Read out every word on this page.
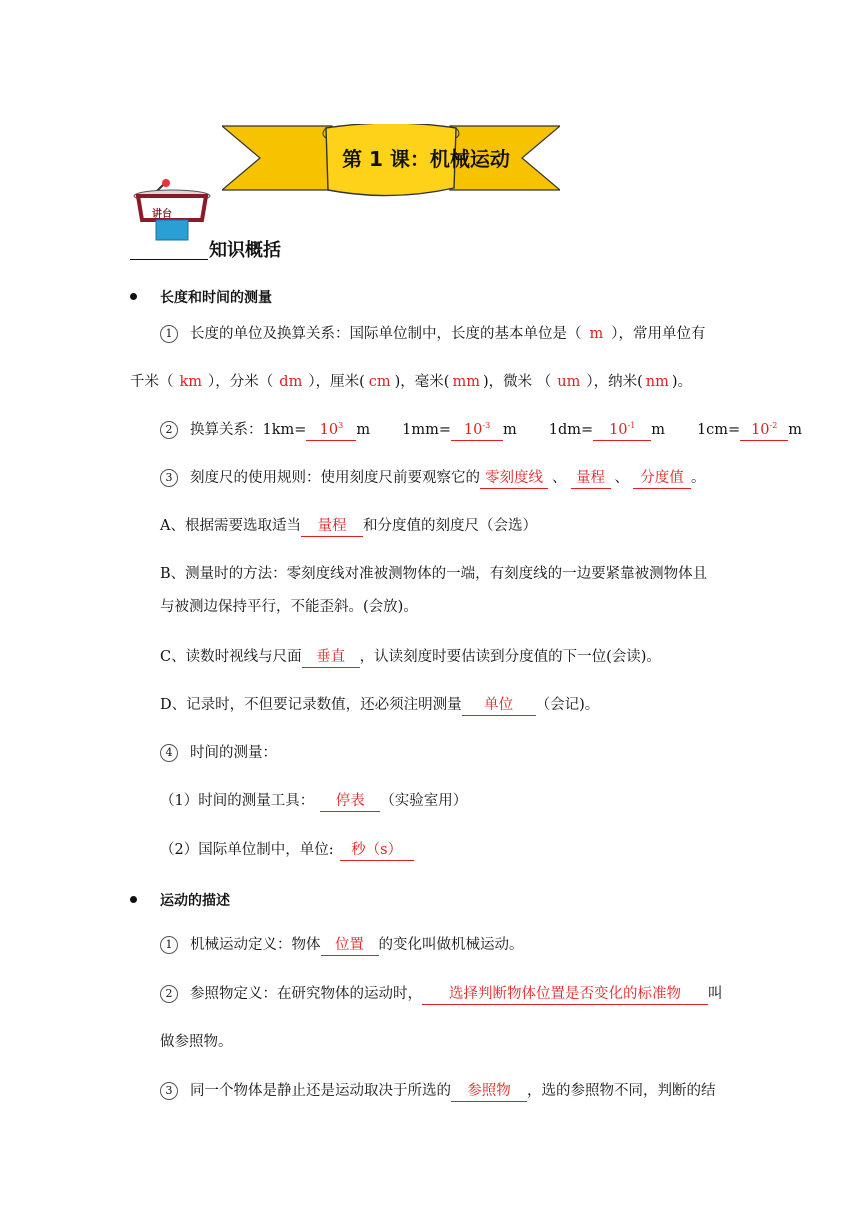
第 1 课：机械运动
讲台
知识概括
长度和时间的测量
1 长度的单位及换算关系：国际单位制中，长度的基本单位是（ m ），常用单位有
千米（ km ），分米（ dm ），厘米( cm )，毫米( mm )，微米 （ um ），纳米( nm )。
2 换算关系：$1km= 10^3$ m $1mm= 10^{-3}$ m $1dm= 10^{-1}$ m $1cm= 10^{-2}$ m
3 刻度尺的使用规则：使用刻度尺前要观察它的 零刻度线 、 量程 、 分度值 。
A、根据需要选取适当 量程 和分度值的刻度尺（会选）
B、测量时的方法：零刻度线对准被测物体的一端，有刻度线的一边要紧靠被测物体且
与被测边保持平行，不能歪斜。(会放)。
C、读数时视线与尺面 垂直 ，认读刻度时要估读到分度值的下一位(会读)。
D、记录时，不但要记录数值，还必须注明测量 单位 （会记)。
4 时间的测量：
（1）时间的测量工具： 停表 （实验室用）
（2）国际单位制中，单位: 秒（s）
运动的描述
1 机械运动定义：物体 位置 的变化叫做机械运动。
2 参照物定义：在研究物体的运动时， 选择判断物体位置是否变化的标准物 叫
做参照物。
3 同一个物体是静止还是运动取决于所选的 参照物 ，选的参照物不同，判断的结
